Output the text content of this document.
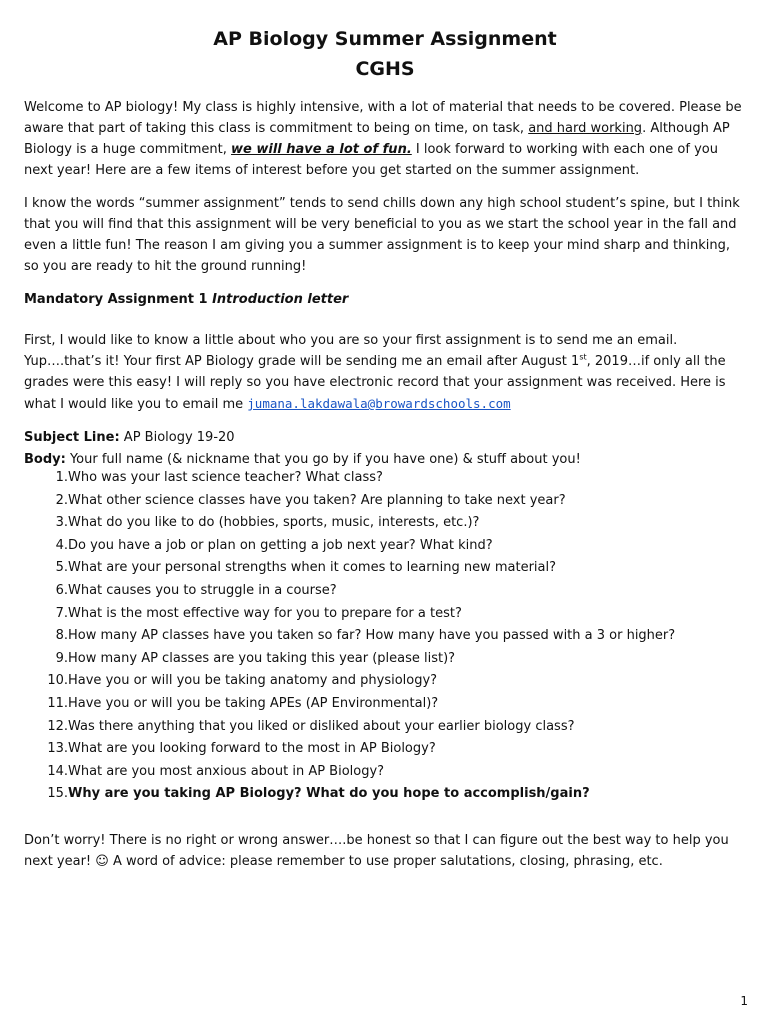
AP Biology Summer Assignment
CGHS

Welcome to AP biology! My class is highly intensive, with a lot of material that needs to be covered. Please be aware that part of taking this class is commitment to being on time, on task, and hard working. Although AP Biology is a huge commitment, we will have a lot of fun. I look forward to working with each one of you next year! Here are a few items of interest before you get started on the summer assignment.

I know the words “summer assignment” tends to send chills down any high school student’s spine, but I think that you will find that this assignment will be very beneficial to you as we start the school year in the fall and even a little fun! The reason I am giving you a summer assignment is to keep your mind sharp and thinking, so you are ready to hit the ground running!

Mandatory Assignment 1 Introduction letter

First, I would like to know a little about who you are so your first assignment is to send me an email. Yup….that’s it! Your first AP Biology grade will be sending me an email after August 1st, 2019…if only all the grades were this easy! I will reply so you have electronic record that your assignment was received. Here is what I would like you to email me jumana.lakdawala@browardschools.com

Subject Line: AP Biology 19-20
Body: Your full name (& nickname that you go by if you have one) & stuff about you!
1. Who was your last science teacher? What class?
2. What other science classes have you taken? Are planning to take next year?
3. What do you like to do (hobbies, sports, music, interests, etc.)?
4. Do you have a job or plan on getting a job next year? What kind?
5. What are your personal strengths when it comes to learning new material?
6. What causes you to struggle in a course?
7. What is the most effective way for you to prepare for a test?
8. How many AP classes have you taken so far? How many have you passed with a 3 or higher?
9. How many AP classes are you taking this year (please list)?
10. Have you or will you be taking anatomy and physiology?
11. Have you or will you be taking APEs (AP Environmental)?
12. Was there anything that you liked or disliked about your earlier biology class?
13. What are you looking forward to the most in AP Biology?
14. What are you most anxious about in AP Biology?
15. Why are you taking AP Biology? What do you hope to accomplish/gain?

Don’t worry! There is no right or wrong answer….be honest so that I can figure out the best way to help you next year! ☺ A word of advice: please remember to use proper salutations, closing, phrasing, etc.

1
